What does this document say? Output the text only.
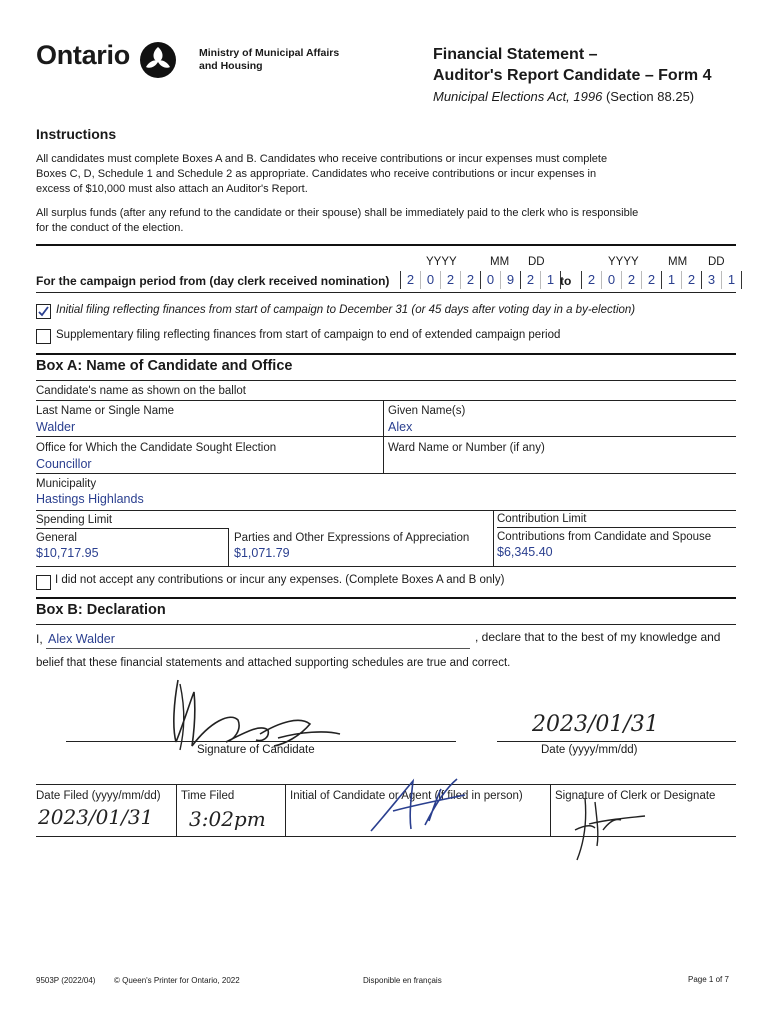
Ontario	Ministry of Municipal Affairs
and Housing
Financial Statement –
Auditor's Report Candidate – Form 4
Municipal Elections Act, 1996 (Section 88.25)
Instructions
All candidates must complete Boxes A and B. Candidates who receive contributions or incur expenses must complete
Boxes C, D, Schedule 1 and Schedule 2 as appropriate. Candidates who receive contributions or incur expenses in
excess of $10,000 must also attach an Auditor's Report.
All surplus funds (after any refund to the candidate or their spouse) shall be immediately paid to the clerk who is responsible
for the conduct of the election.
YYYY	MM DD	YYYY	MM DD
For the campaign period from (day clerk received nomination)	2 0 2 2 0 9 2 1 to	2 0 2 2 1 2 3 1
Initial filing reflecting finances from start of campaign to December 31 (or 45 days after voting day in a by-election)
Supplementary filing reflecting finances from start of campaign to end of extended campaign period
Box A: Name of Candidate and Office
Candidate's name as shown on the ballot
Last Name or Single Name
Walder
Given Name(s)
Alex
Office for Which the Candidate Sought Election
Councillor
Ward Name or Number (if any)
Municipality
Hastings Highlands
Spending Limit	Contribution Limit
General
$10,717.95
Parties and Other Expressions of Appreciation
$1,071.79
Contributions from Candidate and Spouse
$6,345.40
I did not accept any contributions or incur any expenses. (Complete Boxes A and B only)
Box B: Declaration
I, Alex Walder	, declare that to the best of my knowledge and
belief that these financial statements and attached supporting schedules are true and correct.
Signature of Candidate
2023/01/31
Date (yyyy/mm/dd)
Date Filed (yyyy/mm/dd)
2023/01/31
Time Filed
3:02pm
Initial of Candidate or Agent (if filed in person)	Signature of Clerk or Designate
9503P (2022/04) © Queen's Printer for Ontario, 2022	Disponible en français	Page 1 of 7
